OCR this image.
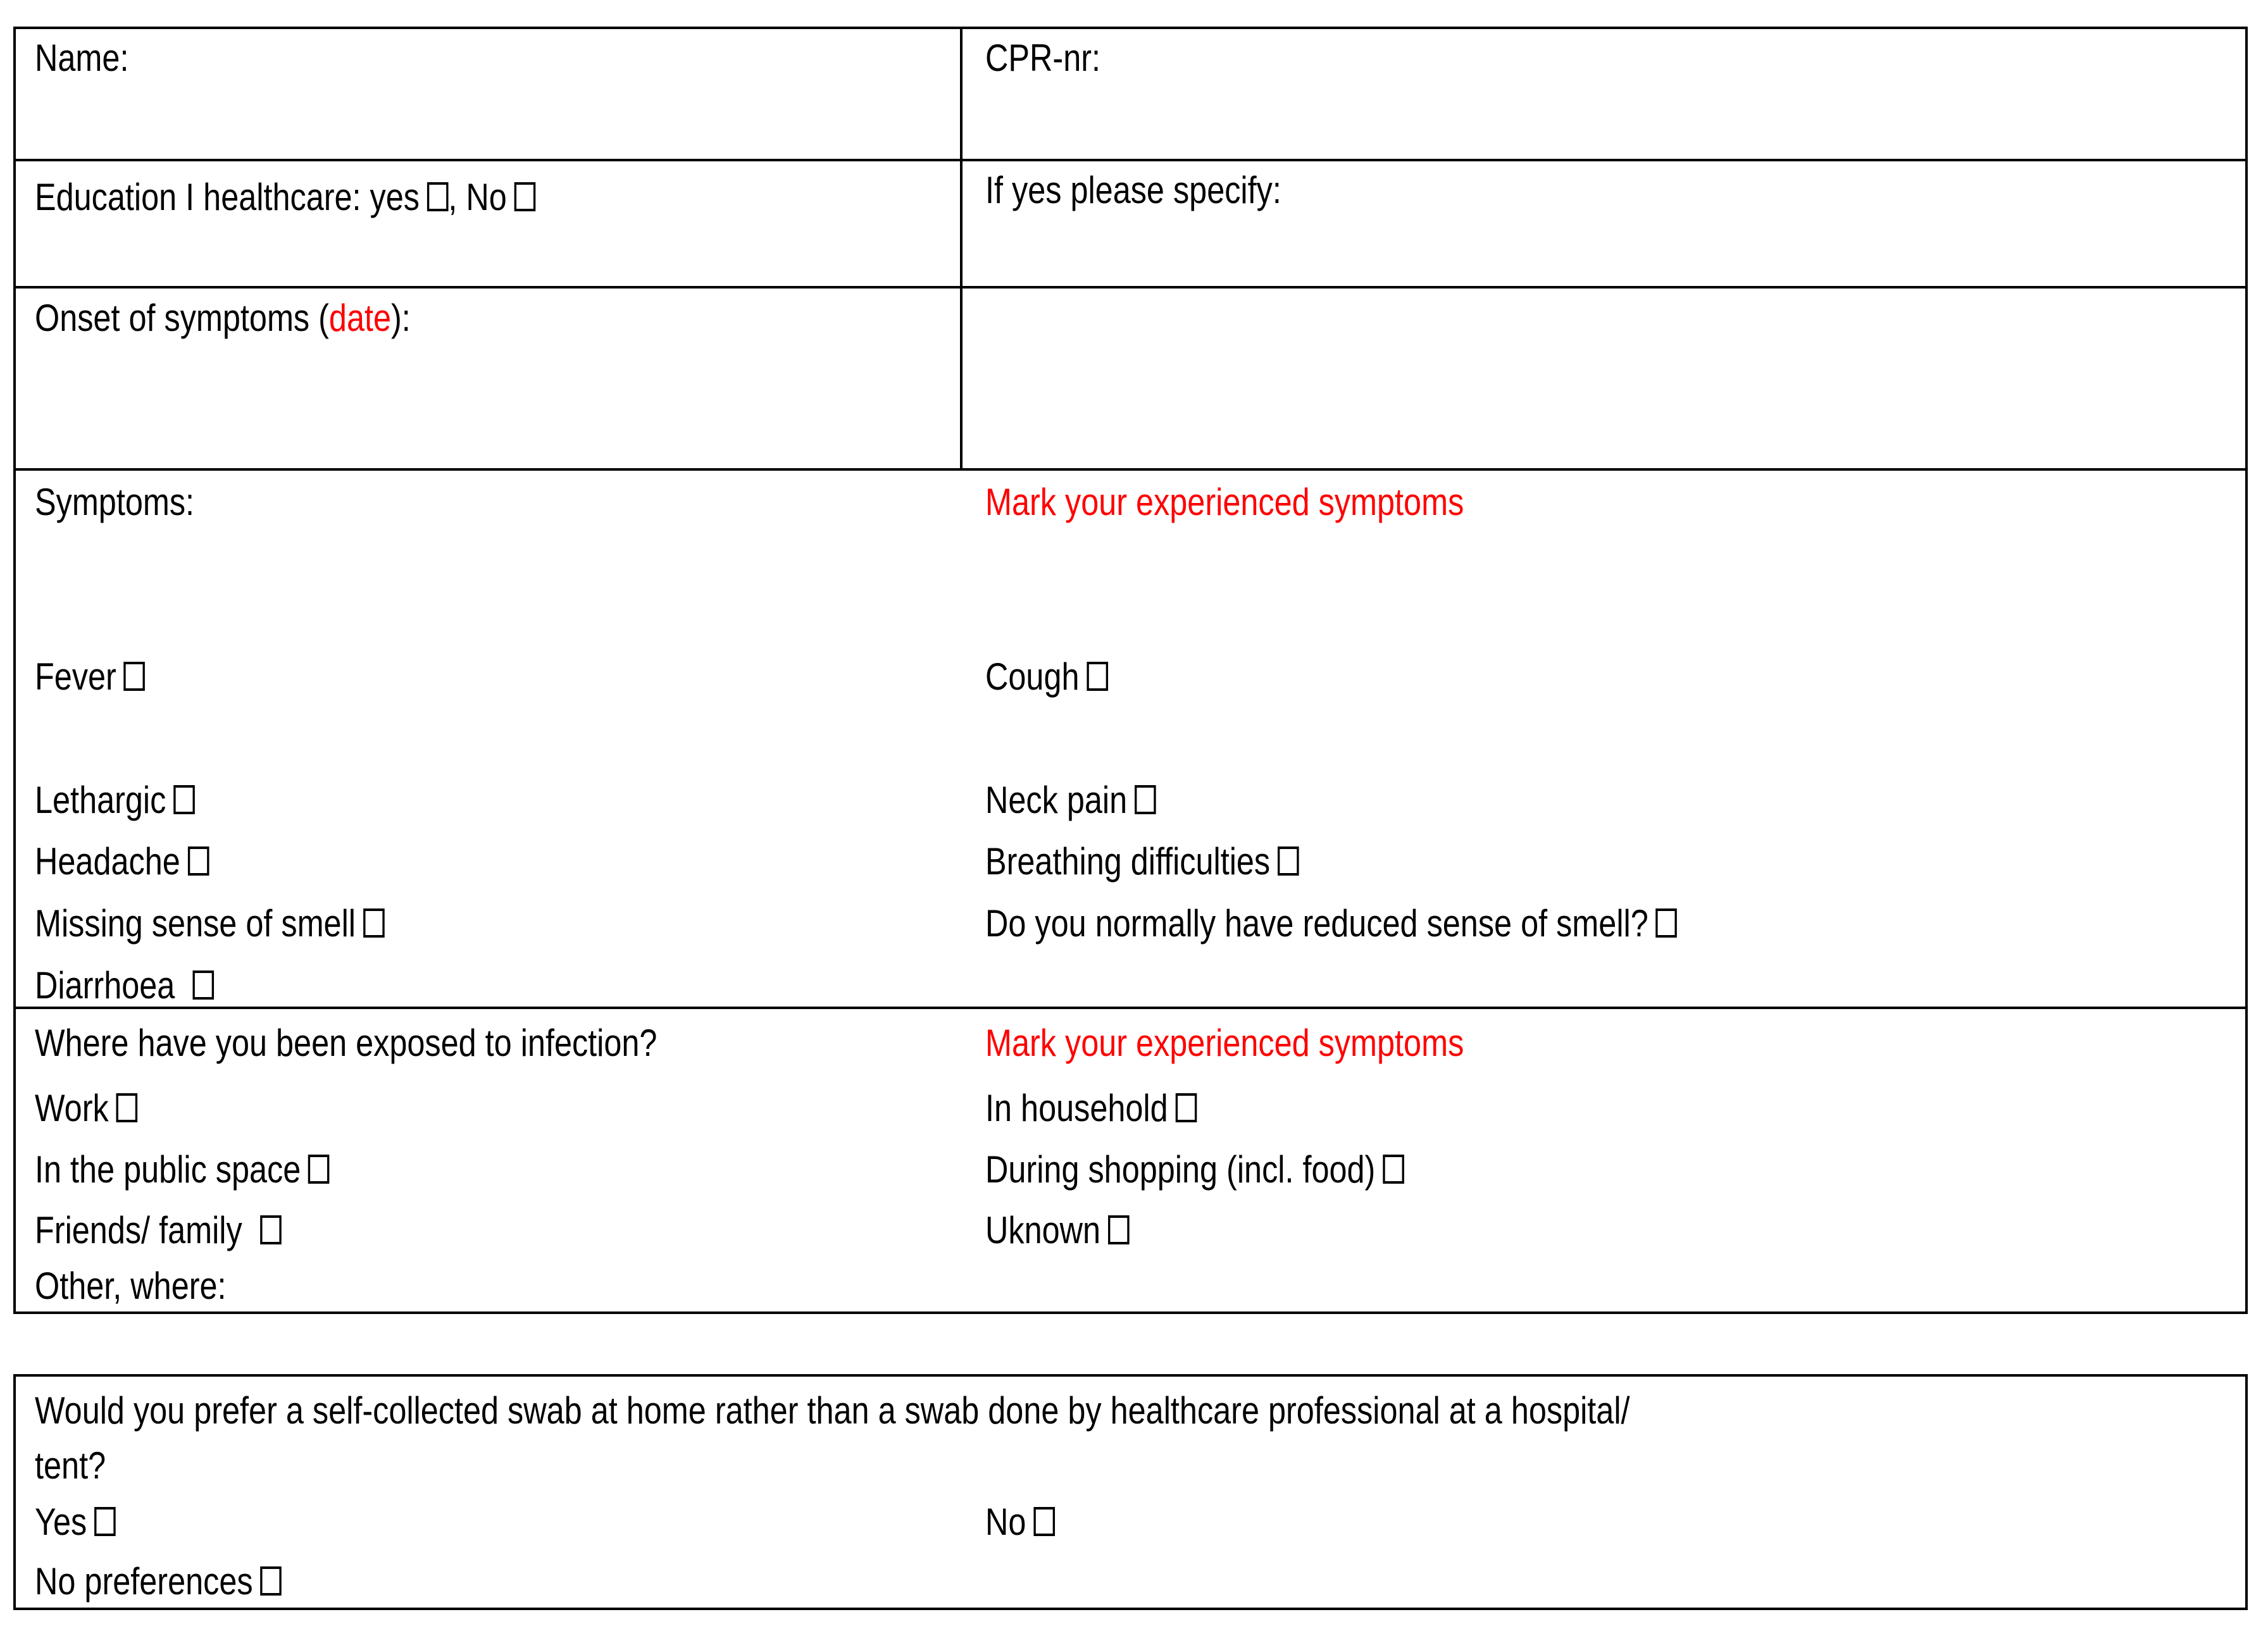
Name:	CPR-nr:
Education I healthcare: yes , No	If yes please specify:
Onset of symptoms (date):
Symptoms:	Mark your experienced symptoms
Fever	Cough
Lethargic	Neck pain
Headache	Breathing difficulties
Missing sense of smell	Do you normally have reduced sense of smell?
Diarrhoea
Where have you been exposed to infection?	Mark your experienced symptoms
Work	In household
In the public space	During shopping (incl. food)
Friends/ family	Uknown
Other, where:
Would you prefer a self-collected swab at home rather than a swab done by healthcare professional at a hospital/
tent?
Yes	No
No preferences
